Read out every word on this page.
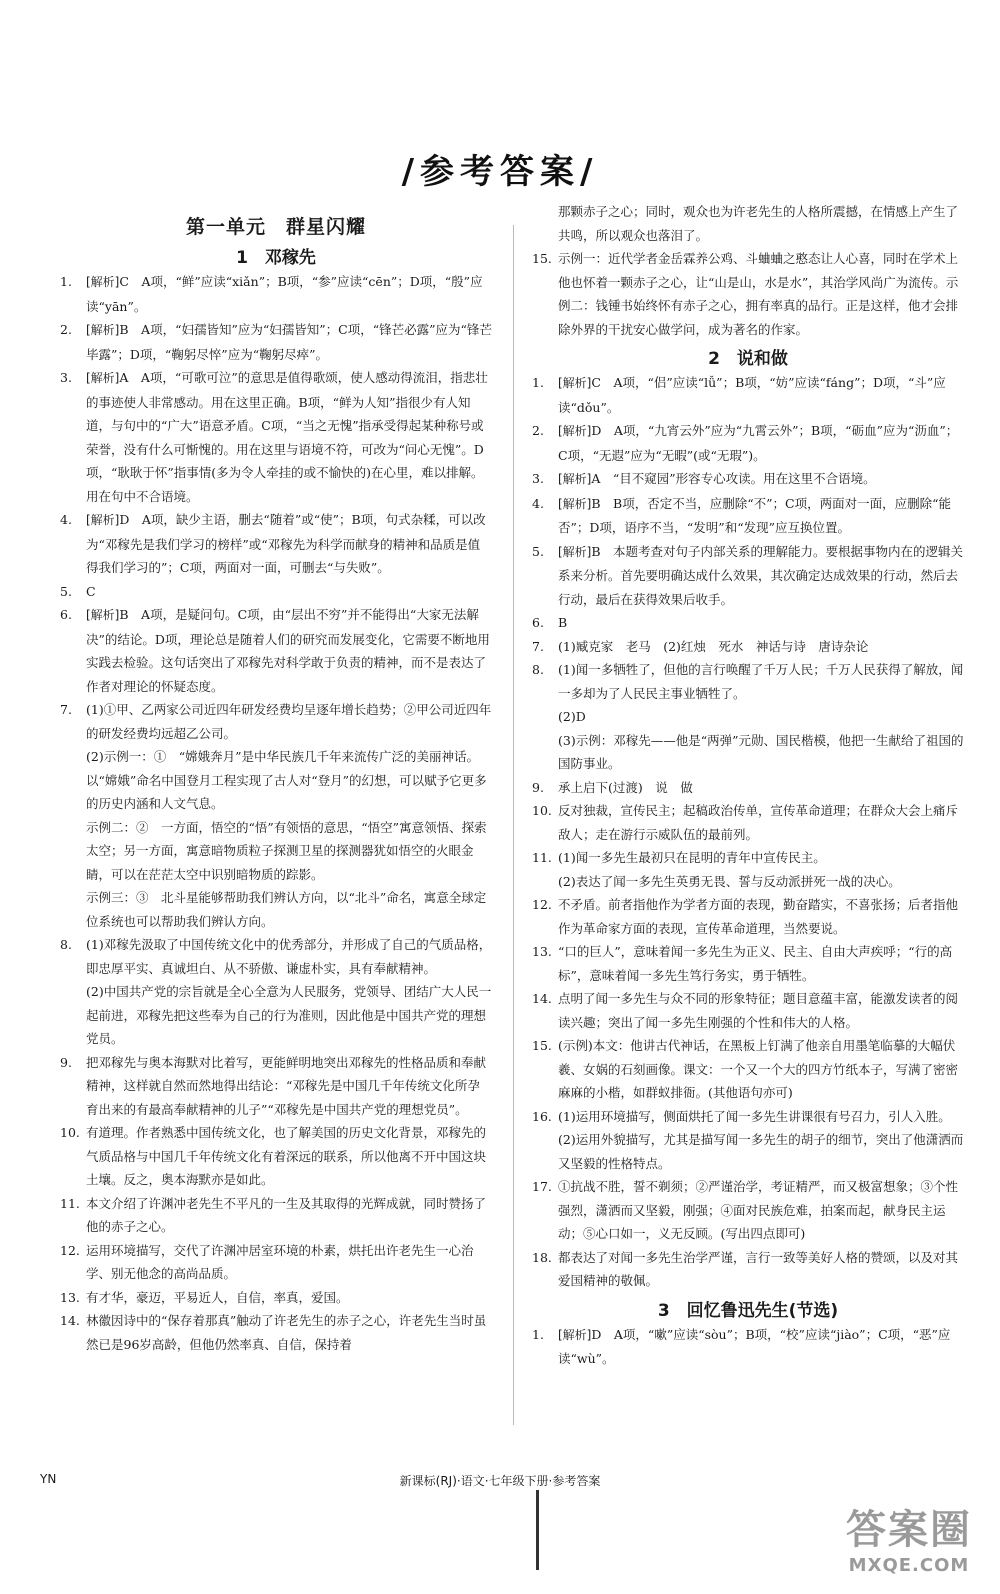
/参考答案/
第一单元　群星闪耀
1　邓稼先
1.	[解析]C　A项，“鲜”应读“xiǎn”；B项，“参”应读“cēn”；D项，“殷”应读“yān”。
2.	[解析]B　A项，“妇孺皆知”应为“妇孺皆知”；C项，“锋芒必露”应为“锋芒毕露”；D项，“鞠躬尽悴”应为“鞠躬尽瘁”。
3.	[解析]A　A项，“可歌可泣”的意思是值得歌颂，使人感动得流泪，指悲壮的事迹使人非常感动。用在这里正确。B项，“鲜为人知”指很少有人知道，与句中的“广大”语意矛盾。C项，“当之无愧”指承受得起某种称号或荣誉，没有什么可惭愧的。用在这里与语境不符，可改为“问心无愧”。D项，“耿耿于怀”指事情(多为令人牵挂的或不愉快的)在心里，难以排解。用在句中不合语境。
4.	[解析]D　A项，缺少主语，删去“随着”或“使”；B项，句式杂糅，可以改为“邓稼先是我们学习的榜样”或“邓稼先为科学而献身的精神和品质是值得我们学习的”；C项，两面对一面，可删去“与失败”。
5.	C
6.	[解析]B　A项，是疑问句。C项，由“层出不穷”并不能得出“大家无法解决”的结论。D项，理论总是随着人们的研究而发展变化，它需要不断地用实践去检验。这句话突出了邓稼先对科学敢于负责的精神，而不是表达了作者对理论的怀疑态度。
7.	(1)①甲、乙两家公司近四年研发经费均呈逐年增长趋势；②甲公司近四年的研发经费均远超乙公司。
(2)示例一：①　“嫦娥奔月”是中华民族几千年来流传广泛的美丽神话。以“嫦娥”命名中国登月工程实现了古人对“登月”的幻想，可以赋予它更多的历史内涵和人文气息。
示例二：②　一方面，悟空的“悟”有领悟的意思，“悟空”寓意领悟、探索太空；另一方面，寓意暗物质粒子探测卫星的探测器犹如悟空的火眼金睛，可以在茫茫太空中识别暗物质的踪影。
示例三：③　北斗星能够帮助我们辨认方向，以“北斗”命名，寓意全球定位系统也可以帮助我们辨认方向。
8.	(1)邓稼先汲取了中国传统文化中的优秀部分，并形成了自己的气质品格，即忠厚平实、真诚坦白、从不骄傲、谦虚朴实，具有奉献精神。
(2)中国共产党的宗旨就是全心全意为人民服务，党领导、团结广大人民一起前进，邓稼先把这些奉为自己的行为准则，因此他是中国共产党的理想党员。
9.	把邓稼先与奥本海默对比着写，更能鲜明地突出邓稼先的性格品质和奉献精神，这样就自然而然地得出结论：“邓稼先是中国几千年传统文化所孕育出来的有最高奉献精神的儿子”“邓稼先是中国共产党的理想党员”。
10. 有道理。作者熟悉中国传统文化，也了解美国的历史文化背景，邓稼先的气质品格与中国几千年传统文化有着深远的联系，所以他离不开中国这块土壤。反之，奥本海默亦是如此。
11. 本文介绍了许渊冲老先生不平凡的一生及其取得的光辉成就，同时赞扬了他的赤子之心。
12. 运用环境描写，交代了许渊冲居室环境的朴素，烘托出许老先生一心治学、别无他念的高尚品质。
13. 有才华，豪迈，平易近人，自信，率真，爱国。
14. 林徽因诗中的“保存着那真”触动了许老先生的赤子之心，许老先生当时虽然已是96岁高龄，但他仍然率真、自信，保持着
那颗赤子之心；同时，观众也为许老先生的人格所震撼，在情感上产生了共鸣，所以观众也落泪了。
15. 示例一：近代学者金岳霖养公鸡、斗蛐蛐之憨态让人心喜，同时在学术上他也怀着一颗赤子之心，让“山是山，水是水”，其治学风尚广为流传。示例二：钱锺书始终怀有赤子之心，拥有率真的品行。正是这样，他才会排除外界的干扰安心做学问，成为著名的作家。
2　说和做
1.	[解析]C　A项，“侣”应读“lǚ”；B项，“妨”应读“fáng”；D项，“斗”应读“dǒu”。
2.	[解析]D　A项，“九宵云外”应为“九霄云外”；B项，“砺血”应为“沥血”；C项，“无遐”应为“无暇”(或“无瑕”)。
3.	[解析]A　“目不窥园”形容专心攻读。用在这里不合语境。
4.	[解析]B　B项，否定不当，应删除“不”；C项，两面对一面，应删除“能否”；D项，语序不当，“发明”和“发现”应互换位置。
5.	[解析]B　本题考查对句子内部关系的理解能力。要根据事物内在的逻辑关系来分析。首先要明确达成什么效果，其次确定达成效果的行动，然后去行动，最后在获得效果后收手。
6.	B
7.	(1)臧克家　老马　(2)红烛　死水　神话与诗　唐诗杂论
8.	(1)闻一多牺牲了，但他的言行唤醒了千万人民；千万人民获得了解放，闻一多却为了人民民主事业牺牲了。
(2)D
(3)示例：邓稼先——他是“两弹”元勋、国民楷模，他把一生献给了祖国的国防事业。
9.	承上启下(过渡)　说　做
10. 反对独裁，宣传民主；起稿政治传单，宣传革命道理；在群众大会上痛斥敌人；走在游行示威队伍的最前列。
11. (1)闻一多先生最初只在昆明的青年中宣传民主。
(2)表达了闻一多先生英勇无畏、誓与反动派拼死一战的决心。
12. 不矛盾。前者指他作为学者方面的表现，勤奋踏实，不喜张扬；后者指他作为革命家方面的表现，宣传革命道理，当然要说。
13. “口的巨人”，意味着闻一多先生为正义、民主、自由大声疾呼；“行的高标”，意味着闻一多先生笃行务实，勇于牺牲。
14. 点明了闻一多先生与众不同的形象特征；题目意蕴丰富，能激发读者的阅读兴趣；突出了闻一多先生刚强的个性和伟大的人格。
15. (示例)本文：他讲古代神话，在黑板上钉满了他亲自用墨笔临摹的大幅伏羲、女娲的石刻画像。课文：一个又一个大的四方竹纸本子，写满了密密麻麻的小楷，如群蚁排衙。(其他语句亦可)
16. (1)运用环境描写，侧面烘托了闻一多先生讲课很有号召力，引人入胜。
(2)运用外貌描写，尤其是描写闻一多先生的胡子的细节，突出了他潇洒而又坚毅的性格特点。
17. ①抗战不胜，誓不剃须；②严谨治学，考证精严，而又极富想象；③个性强烈，潇洒而又坚毅，刚强；④面对民族危难，拍案而起，献身民主运动；⑤心口如一，义无反顾。(写出四点即可)
18. 都表达了对闻一多先生治学严谨，言行一致等美好人格的赞颂，以及对其爱国精神的敬佩。
3　回忆鲁迅先生(节选)
1.	[解析]D　A项，“嗽”应读“sòu”；B项，“校”应读“jiào”；C项，“恶”应读“wù”。
YN	新课标(RJ)·语文·七年级下册·参考答案
答案圈
MXQE.COM
